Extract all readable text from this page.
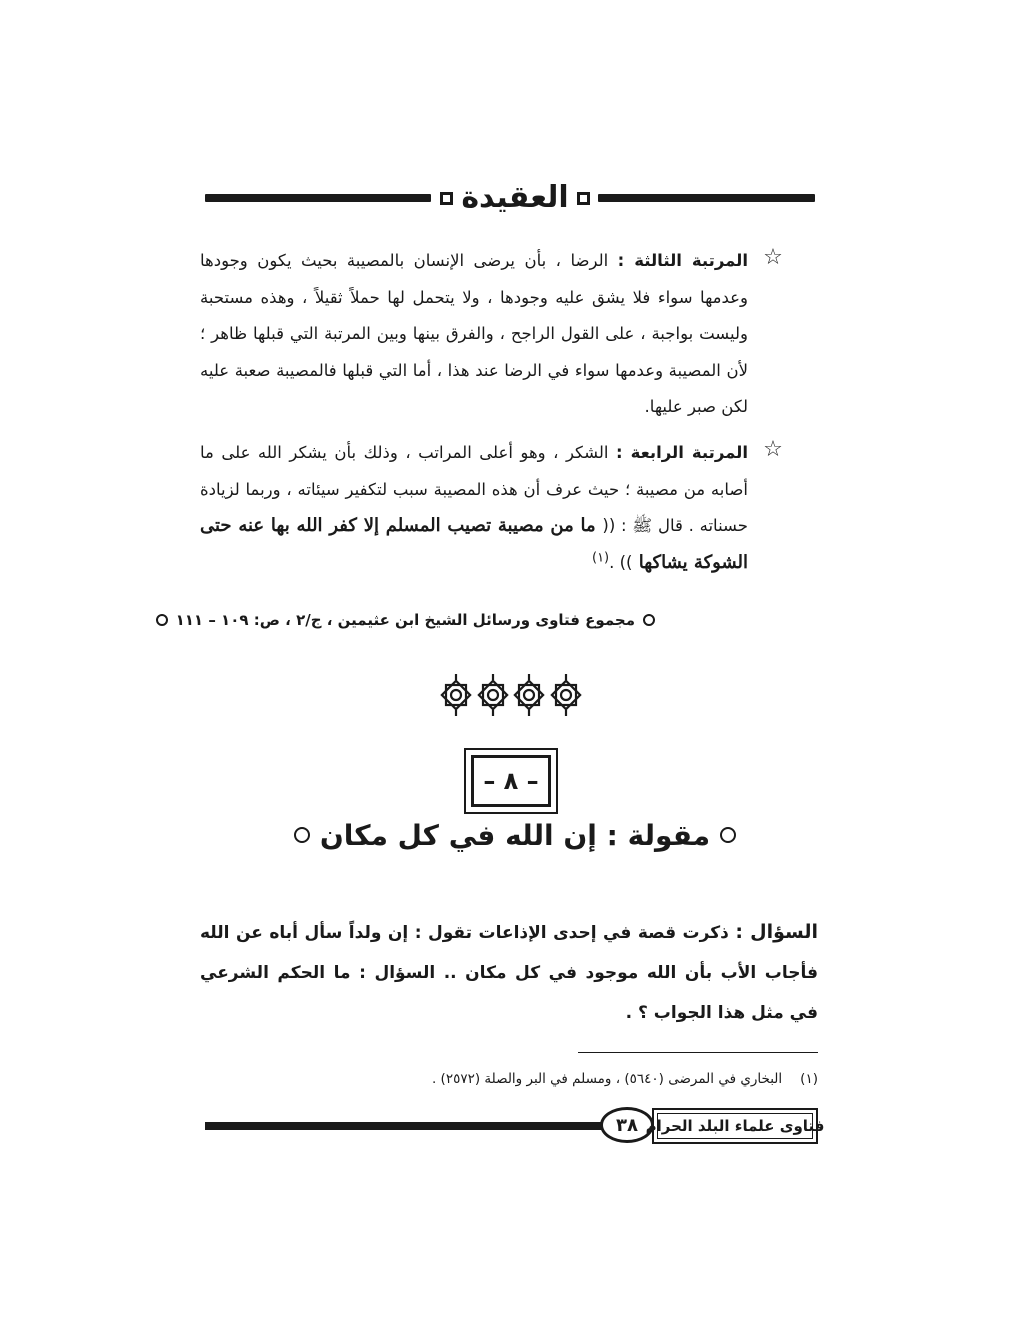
العقيدة
☆
المرتبة الثالثة : الرضا ، بأن يرضى الإنسان بالمصيبة بحيث يكون وجودها وعدمها سواء فلا يشق عليه وجودها ، ولا يتحمل لها حملاً ثقيلاً ، وهذه مستحبة وليست بواجبة ، على القول الراجح ، والفرق بينها وبين المرتبة التي قبلها ظاهر ؛ لأن المصيبة وعدمها سواء في الرضا عند هذا ، أما التي قبلها فالمصيبة صعبة عليه لكن صبر عليها.
☆
المرتبة الرابعة : الشكر ، وهو أعلى المراتب ، وذلك بأن يشكر الله على ما أصابه من مصيبة ؛ حيث عرف أن هذه المصيبة سبب لتكفير سيئاته ، وربما لزيادة حسناته . قال ﷺ : (( ما من مصيبة تصيب المسلم إلا كفر الله بها عنه حتى الشوكة يشاكها )) .$^{(١)}$
مجموع فتاوى ورسائل الشيخ ابن عثيمين ، ج/٢ ، ص: ١٠٩ – ١١١
– ٨ –
مقولة : إن الله في كل مكان
السؤال : ذكرت قصة في إحدى الإذاعات تقول : إن ولداً سأل أباه عن الله فأجاب الأب بأن الله موجود في كل مكان .. السؤال : ما الحكم الشرعي في مثل هذا الجواب ؟ .
(١)
البخاري في المرضى (٥٦٤٠) ، ومسلم في البر والصلة (٢٥٧٢) .
٣٨ فتاوى علماء البلد الحرام
